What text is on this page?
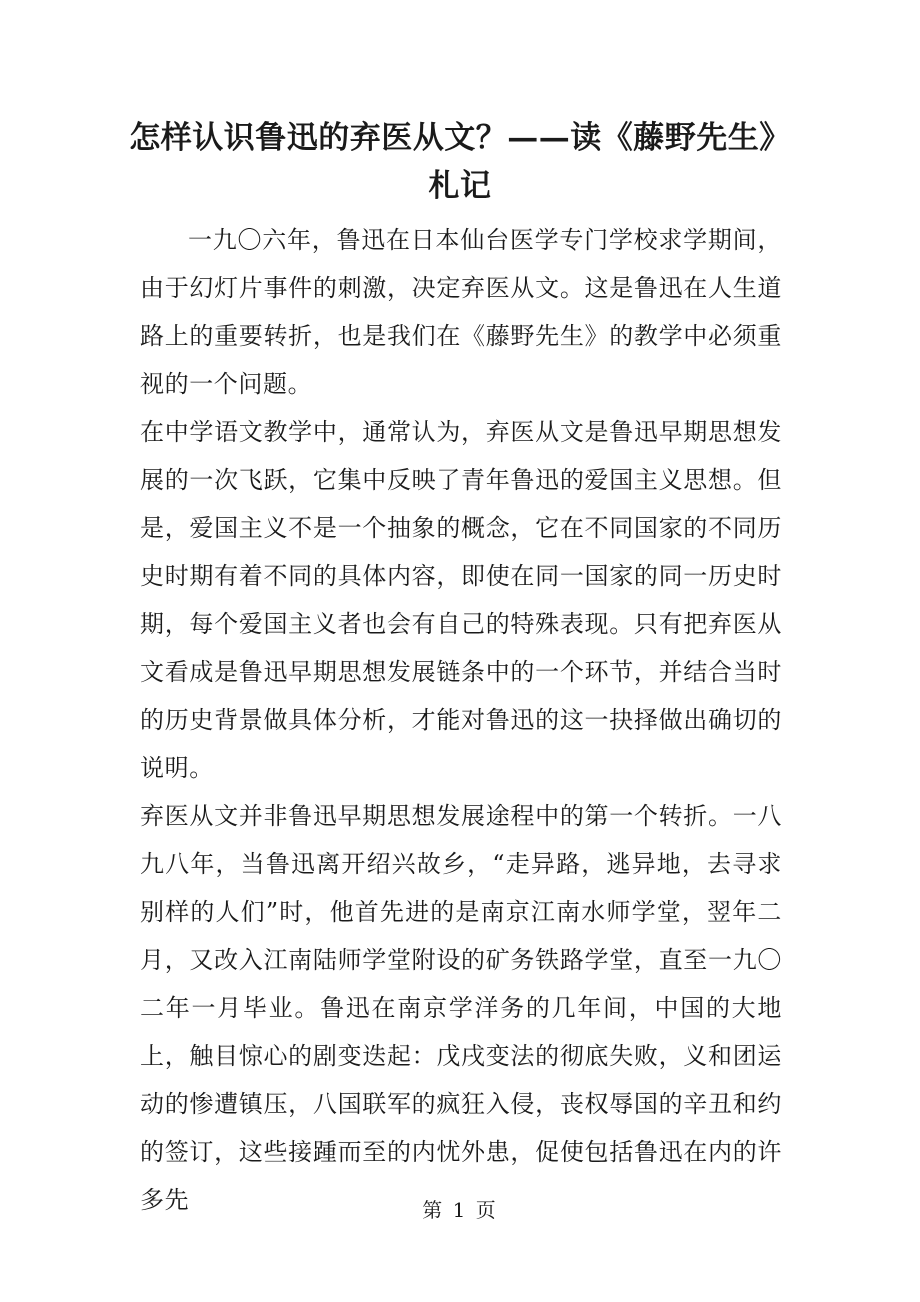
怎样认识鲁迅的弃医从文？——读《藤野先生》
札记

一九〇六年，鲁迅在日本仙台医学专门学校求学期间，由于幻灯片事件的刺激，决定弃医从文。这是鲁迅在人生道路上的重要转折，也是我们在《藤野先生》的教学中必须重视的一个问题。

在中学语文教学中，通常认为，弃医从文是鲁迅早期思想发展的一次飞跃，它集中反映了青年鲁迅的爱国主义思想。但是，爱国主义不是一个抽象的概念，它在不同国家的不同历史时期有着不同的具体内容，即使在同一国家的同一历史时期，每个爱国主义者也会有自己的特殊表现。只有把弃医从文看成是鲁迅早期思想发展链条中的一个环节，并结合当时的历史背景做具体分析，才能对鲁迅的这一抉择做出确切的说明。

弃医从文并非鲁迅早期思想发展途程中的第一个转折。一八九八年，当鲁迅离开绍兴故乡，“走异路，逃异地，去寻求别样的人们”时，他首先进的是南京江南水师学堂，翌年二月，又改入江南陆师学堂附设的矿务铁路学堂，直至一九〇二年一月毕业。鲁迅在南京学洋务的几年间，中国的大地上，触目惊心的剧变迭起：戊戌变法的彻底失败，义和团运动的惨遭镇压，八国联军的疯狂入侵，丧权辱国的辛丑和约的签订，这些接踵而至的内忧外患，促使包括鲁迅在内的许多先	第 1 页
